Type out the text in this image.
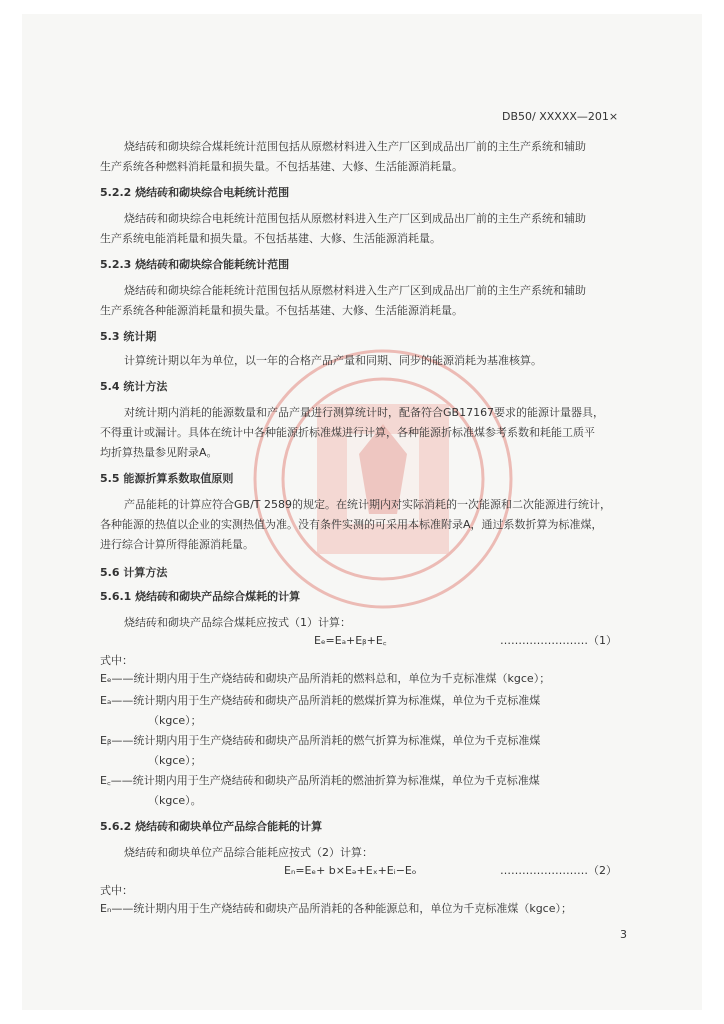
DB50/ XXXXX—201×
烧结砖和砌块综合煤耗统计范围包括从原燃材料进入生产厂区到成品出厂前的主生产系统和辅助
生产系统各种燃料消耗量和损失量。不包括基建、大修、生活能源消耗量。
5.2.2 烧结砖和砌块综合电耗统计范围
烧结砖和砌块综合电耗统计范围包括从原燃材料进入生产厂区到成品出厂前的主生产系统和辅助
生产系统电能消耗量和损失量。不包括基建、大修、生活能源消耗量。
5.2.3 烧结砖和砌块综合能耗统计范围
烧结砖和砌块综合能耗统计范围包括从原燃材料进入生产厂区到成品出厂前的主生产系统和辅助
生产系统各种能源消耗量和损失量。不包括基建、大修、生活能源消耗量。
5.3 统计期
计算统计期以年为单位，以一年的合格产品产量和同期、同步的能源消耗为基准核算。
5.4 统计方法
对统计期内消耗的能源数量和产品产量进行测算统计时，配备符合GB17167要求的能源计量器具，
不得重计或漏计。具体在统计中各种能源折标准煤进行计算，各种能源折标准煤参考系数和耗能工质平
均折算热量参见附录A。
5.5 能源折算系数取值原则
产品能耗的计算应符合GB/T 2589的规定。在统计期内对实际消耗的一次能源和二次能源进行统计，
各种能源的热值以企业的实测热值为准。没有条件实测的可采用本标准附录A，通过系数折算为标准煤，
进行综合计算所得能源消耗量。
5.6 计算方法
5.6.1 烧结砖和砌块产品综合煤耗的计算
烧结砖和砌块产品综合煤耗应按式（1）计算：
Eₑ=Eₐ+Eᵦ+E꜀	……………………（1）
式中：
Eₑ——统计期内用于生产烧结砖和砌块产品所消耗的燃料总和，单位为千克标准煤（kgce）；
Eₐ——统计期内用于生产烧结砖和砌块产品所消耗的燃煤折算为标准煤，单位为千克标准煤
（kgce）；
Eᵦ——统计期内用于生产烧结砖和砌块产品所消耗的燃气折算为标准煤，单位为千克标准煤
（kgce）；
E꜀——统计期内用于生产烧结砖和砌块产品所消耗的燃油折算为标准煤，单位为千克标准煤
（kgce）。
5.6.2 烧结砖和砌块单位产品综合能耗的计算
烧结砖和砌块单位产品综合能耗应按式（2）计算：
Eₙ=Eₑ+ b×Eₔ+Eₓ+Eᵢ−Eₒ	……………………（2）
式中：
Eₙ——统计期内用于生产烧结砖和砌块产品所消耗的各种能源总和，单位为千克标准煤（kgce）；
3
